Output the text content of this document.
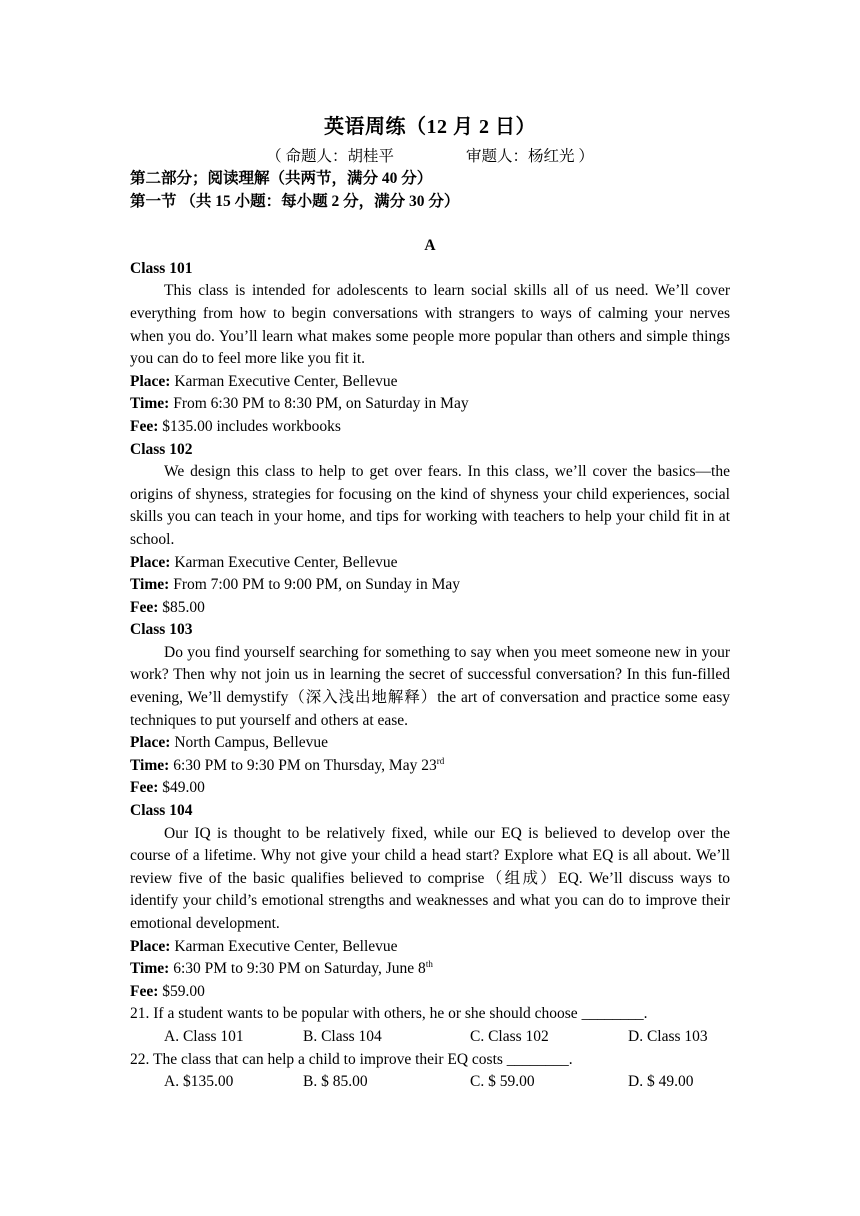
英语周练（12 月 2 日）
（ 命题人：胡桂平	审题人：杨红光 ）
第二部分；阅读理解（共两节，满分 40 分）
第一节 （共 15 小题：每小题 2 分，满分 30 分）
A
Class 101

This class is intended for adolescents to learn social skills all of us need. We’ll cover everything from how to begin conversations with strangers to ways of calming your nerves when you do. You’ll learn what makes some people more popular than others and simple things you can do to feel more like you fit it.

Place: Karman Executive Center, Bellevue
Time: From 6:30 PM to 8:30 PM, on Saturday in May
Fee: $135.00 includes workbooks
Class 102

We design this class to help to get over fears. In this class, we’ll cover the basics—the origins of shyness, strategies for focusing on the kind of shyness your child experiences, social skills you can teach in your home, and tips for working with teachers to help your child fit in at school.

Place: Karman Executive Center, Bellevue
Time: From 7:00 PM to 9:00 PM, on Sunday in May
Fee: $85.00
Class 103

Do you find yourself searching for something to say when you meet someone new in your work? Then why not join us in learning the secret of successful conversation? In this fun-filled evening, We’ll demystify（深入浅出地解释）the art of conversation and practice some easy techniques to put yourself and others at ease.

Place: North Campus, Bellevue
Time: 6:30 PM to 9:30 PM on Thursday, May 23rd
Fee: $49.00
Class 104

Our IQ is thought to be relatively fixed, while our EQ is believed to develop over the course of a lifetime. Why not give your child a head start? Explore what EQ is all about. We’ll review five of the basic qualifies believed to comprise（组成）EQ. We’ll discuss ways to identify your child’s emotional strengths and weaknesses and what you can do to improve their emotional development.

Place: Karman Executive Center, Bellevue
Time: 6:30 PM to 9:30 PM on Saturday, June 8th
Fee: $59.00
21. If a student wants to be popular with others, he or she should choose ________.
A. Class 101	B. Class 104	C. Class 102	D. Class 103
22. The class that can help a child to improve their EQ costs ________.
A. $135.00	B. $ 85.00	C. $ 59.00	D. $ 49.00
